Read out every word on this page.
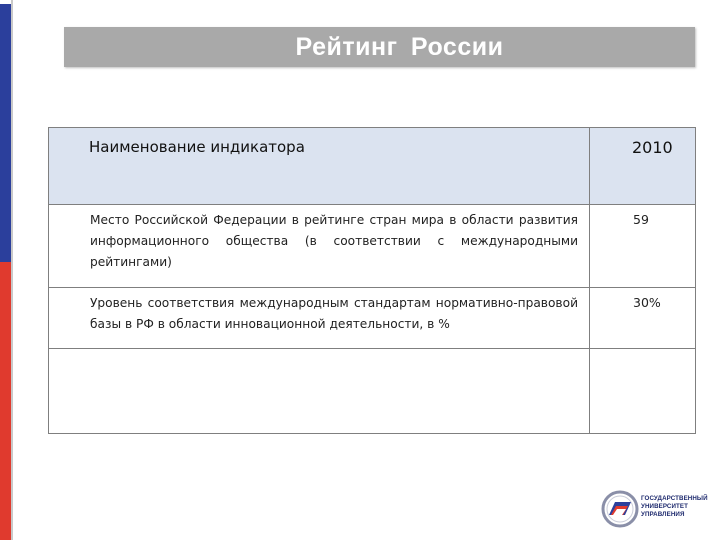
Рейтинг России
Наименование индикатора	2010

Место Российской Федерации в рейтинге стран мира в области развития информационного общества (в соответствии с международными рейтингами)	59

Уровень соответствия международным стандартам нормативно-правовой базы в РФ в области инновационной деятельности, в %	30%

ГОСУДАРСТВЕННЫЙ
УНИВЕРСИТЕТ
УПРАВЛЕНИЯ
